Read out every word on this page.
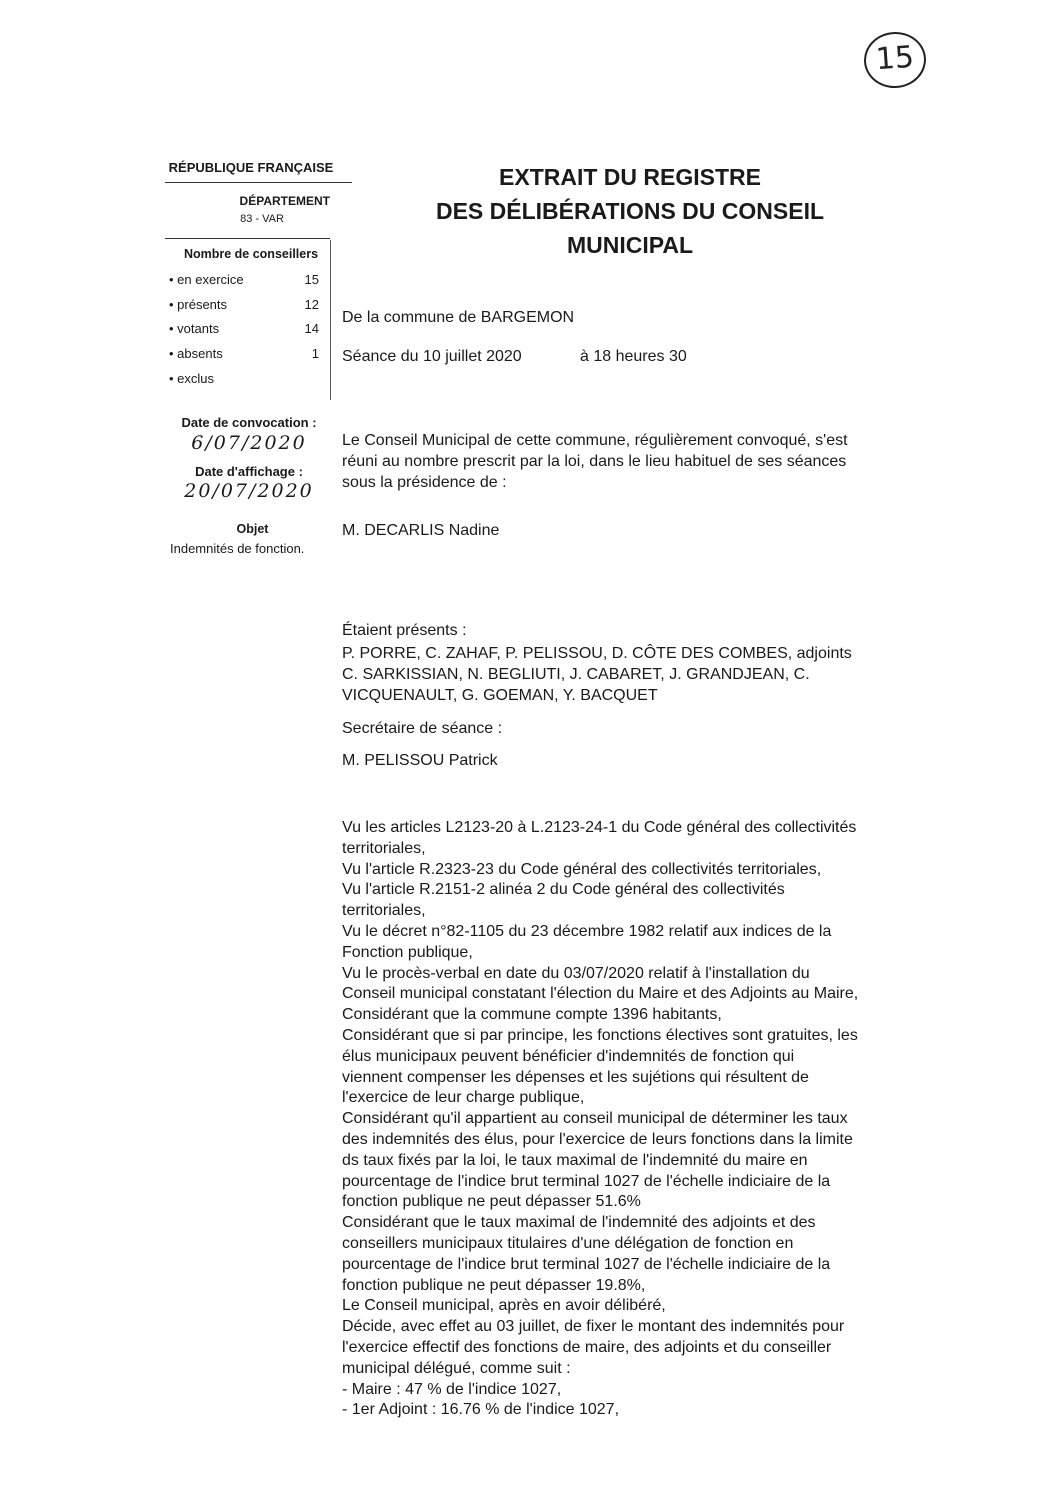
15
RÉPUBLIQUE FRANÇAISE
DÉPARTEMENT
83 - VAR
Nombre de conseillers
• en exercice	15
• présents	12
• votants	14
• absents	1
• exclus
Date de convocation :
6/07/2020
Date d'affichage :
20/07/2020
Objet
Indemnités de fonction.
EXTRAIT DU REGISTRE
DES DÉLIBÉRATIONS DU CONSEIL
MUNICIPAL
De la commune de BARGEMON
Séance du 10 juillet 2020	à 18 heures 30
Le Conseil Municipal de cette commune, régulièrement convoqué, s'est
réuni au nombre prescrit par la loi, dans le lieu habituel de ses séances
sous la présidence de :
M. DECARLIS Nadine
Étaient présents :
P. PORRE, C. ZAHAF, P. PELISSOU, D. CÔTE DES COMBES, adjoints
C. SARKISSIAN, N. BEGLIUTI, J. CABARET, J. GRANDJEAN, C.
VICQUENAULT, G. GOEMAN, Y. BACQUET
Secrétaire de séance :
M. PELISSOU Patrick
Vu les articles L2123-20 à L.2123-24-1 du Code général des collectivités
territoriales,
Vu l'article R.2323-23 du Code général des collectivités territoriales,
Vu l'article R.2151-2 alinéa 2 du Code général des collectivités
territoriales,
Vu le décret n°82-1105 du 23 décembre 1982 relatif aux indices de la
Fonction publique,
Vu le procès-verbal en date du 03/07/2020 relatif à l'installation du
Conseil municipal constatant l'élection du Maire et des Adjoints au Maire,
Considérant que la commune compte 1396 habitants,
Considérant que si par principe, les fonctions électives sont gratuites, les
élus municipaux peuvent bénéficier d'indemnités de fonction qui
viennent compenser les dépenses et les sujétions qui résultent de
l'exercice de leur charge publique,
Considérant qu'il appartient au conseil municipal de déterminer les taux
des indemnités des élus, pour l'exercice de leurs fonctions dans la limite
ds taux fixés par la loi, le taux maximal de l'indemnité du maire en
pourcentage de l'indice brut terminal 1027 de l'échelle indiciaire de la
fonction publique ne peut dépasser 51.6%
Considérant que le taux maximal de l'indemnité des adjoints et des
conseillers municipaux titulaires d'une délégation de fonction en
pourcentage de l'indice brut terminal 1027 de l'échelle indiciaire de la
fonction publique ne peut dépasser 19.8%,
Le Conseil municipal, après en avoir délibéré,
Décide, avec effet au 03 juillet, de fixer le montant des indemnités pour
l'exercice effectif des fonctions de maire, des adjoints et du conseiller
municipal délégué, comme suit :
- Maire : 47 % de l'indice 1027,
- 1er Adjoint : 16.76 % de l'indice 1027,
